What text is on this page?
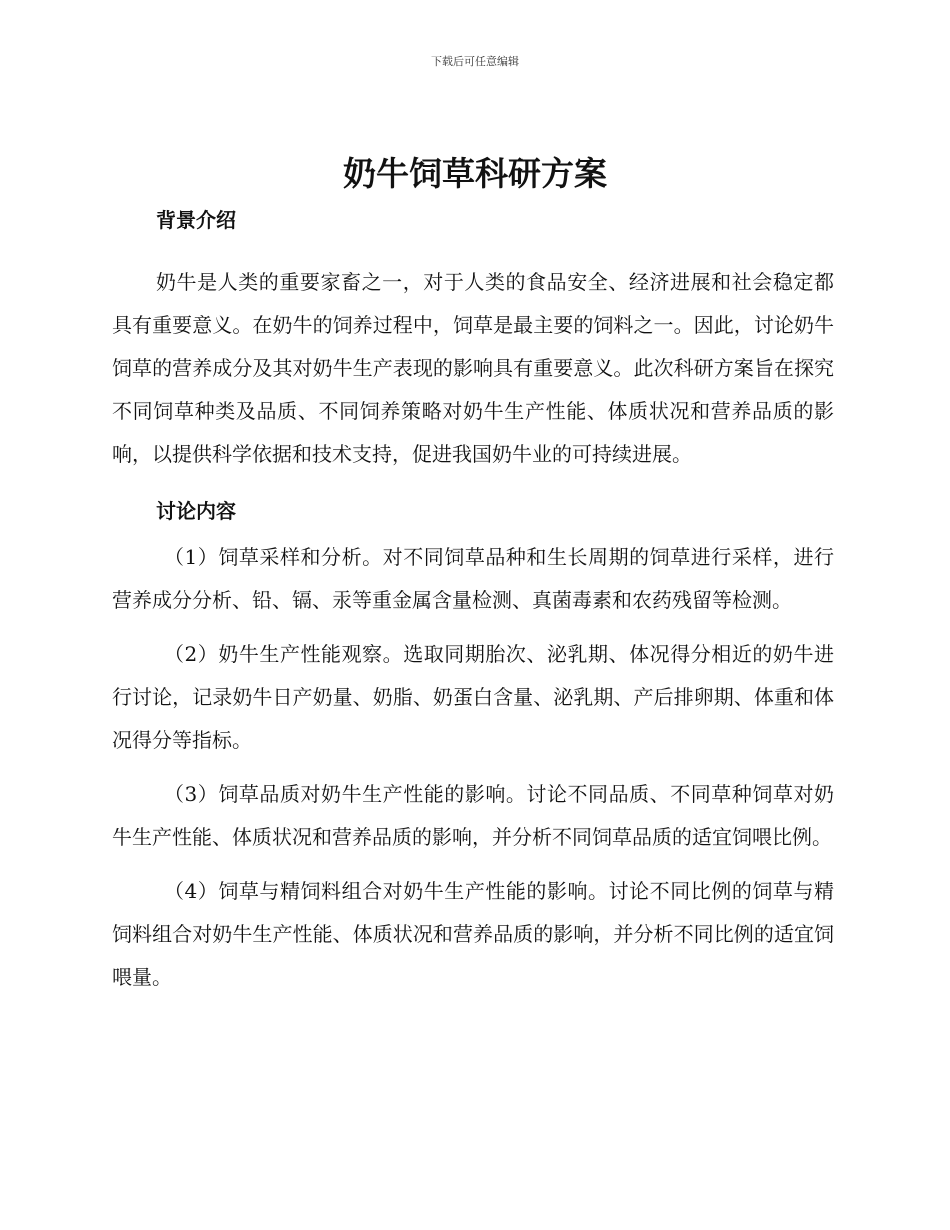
下载后可任意编辑
奶牛饲草科研方案
背景介绍

奶牛是人类的重要家畜之一，对于人类的食品安全、经济进展和社会稳定都具有重要意义。在奶牛的饲养过程中，饲草是最主要的饲料之一。因此，讨论奶牛饲草的营养成分及其对奶牛生产表现的影响具有重要意义。此次科研方案旨在探究不同饲草种类及品质、不同饲养策略对奶牛生产性能、体质状况和营养品质的影响，以提供科学依据和技术支持，促进我国奶牛业的可持续进展。

讨论内容

（1）饲草采样和分析。对不同饲草品种和生长周期的饲草进行采样，进行营养成分分析、铅、镉、汞等重金属含量检测、真菌毒素和农药残留等检测。

（2）奶牛生产性能观察。选取同期胎次、泌乳期、体况得分相近的奶牛进行讨论，记录奶牛日产奶量、奶脂、奶蛋白含量、泌乳期、产后排卵期、体重和体况得分等指标。

（3）饲草品质对奶牛生产性能的影响。讨论不同品质、不同草种饲草对奶牛生产性能、体质状况和营养品质的影响，并分析不同饲草品质的适宜饲喂比例。

（4）饲草与精饲料组合对奶牛生产性能的影响。讨论不同比例的饲草与精饲料组合对奶牛生产性能、体质状况和营养品质的影响，并分析不同比例的适宜饲喂量。
